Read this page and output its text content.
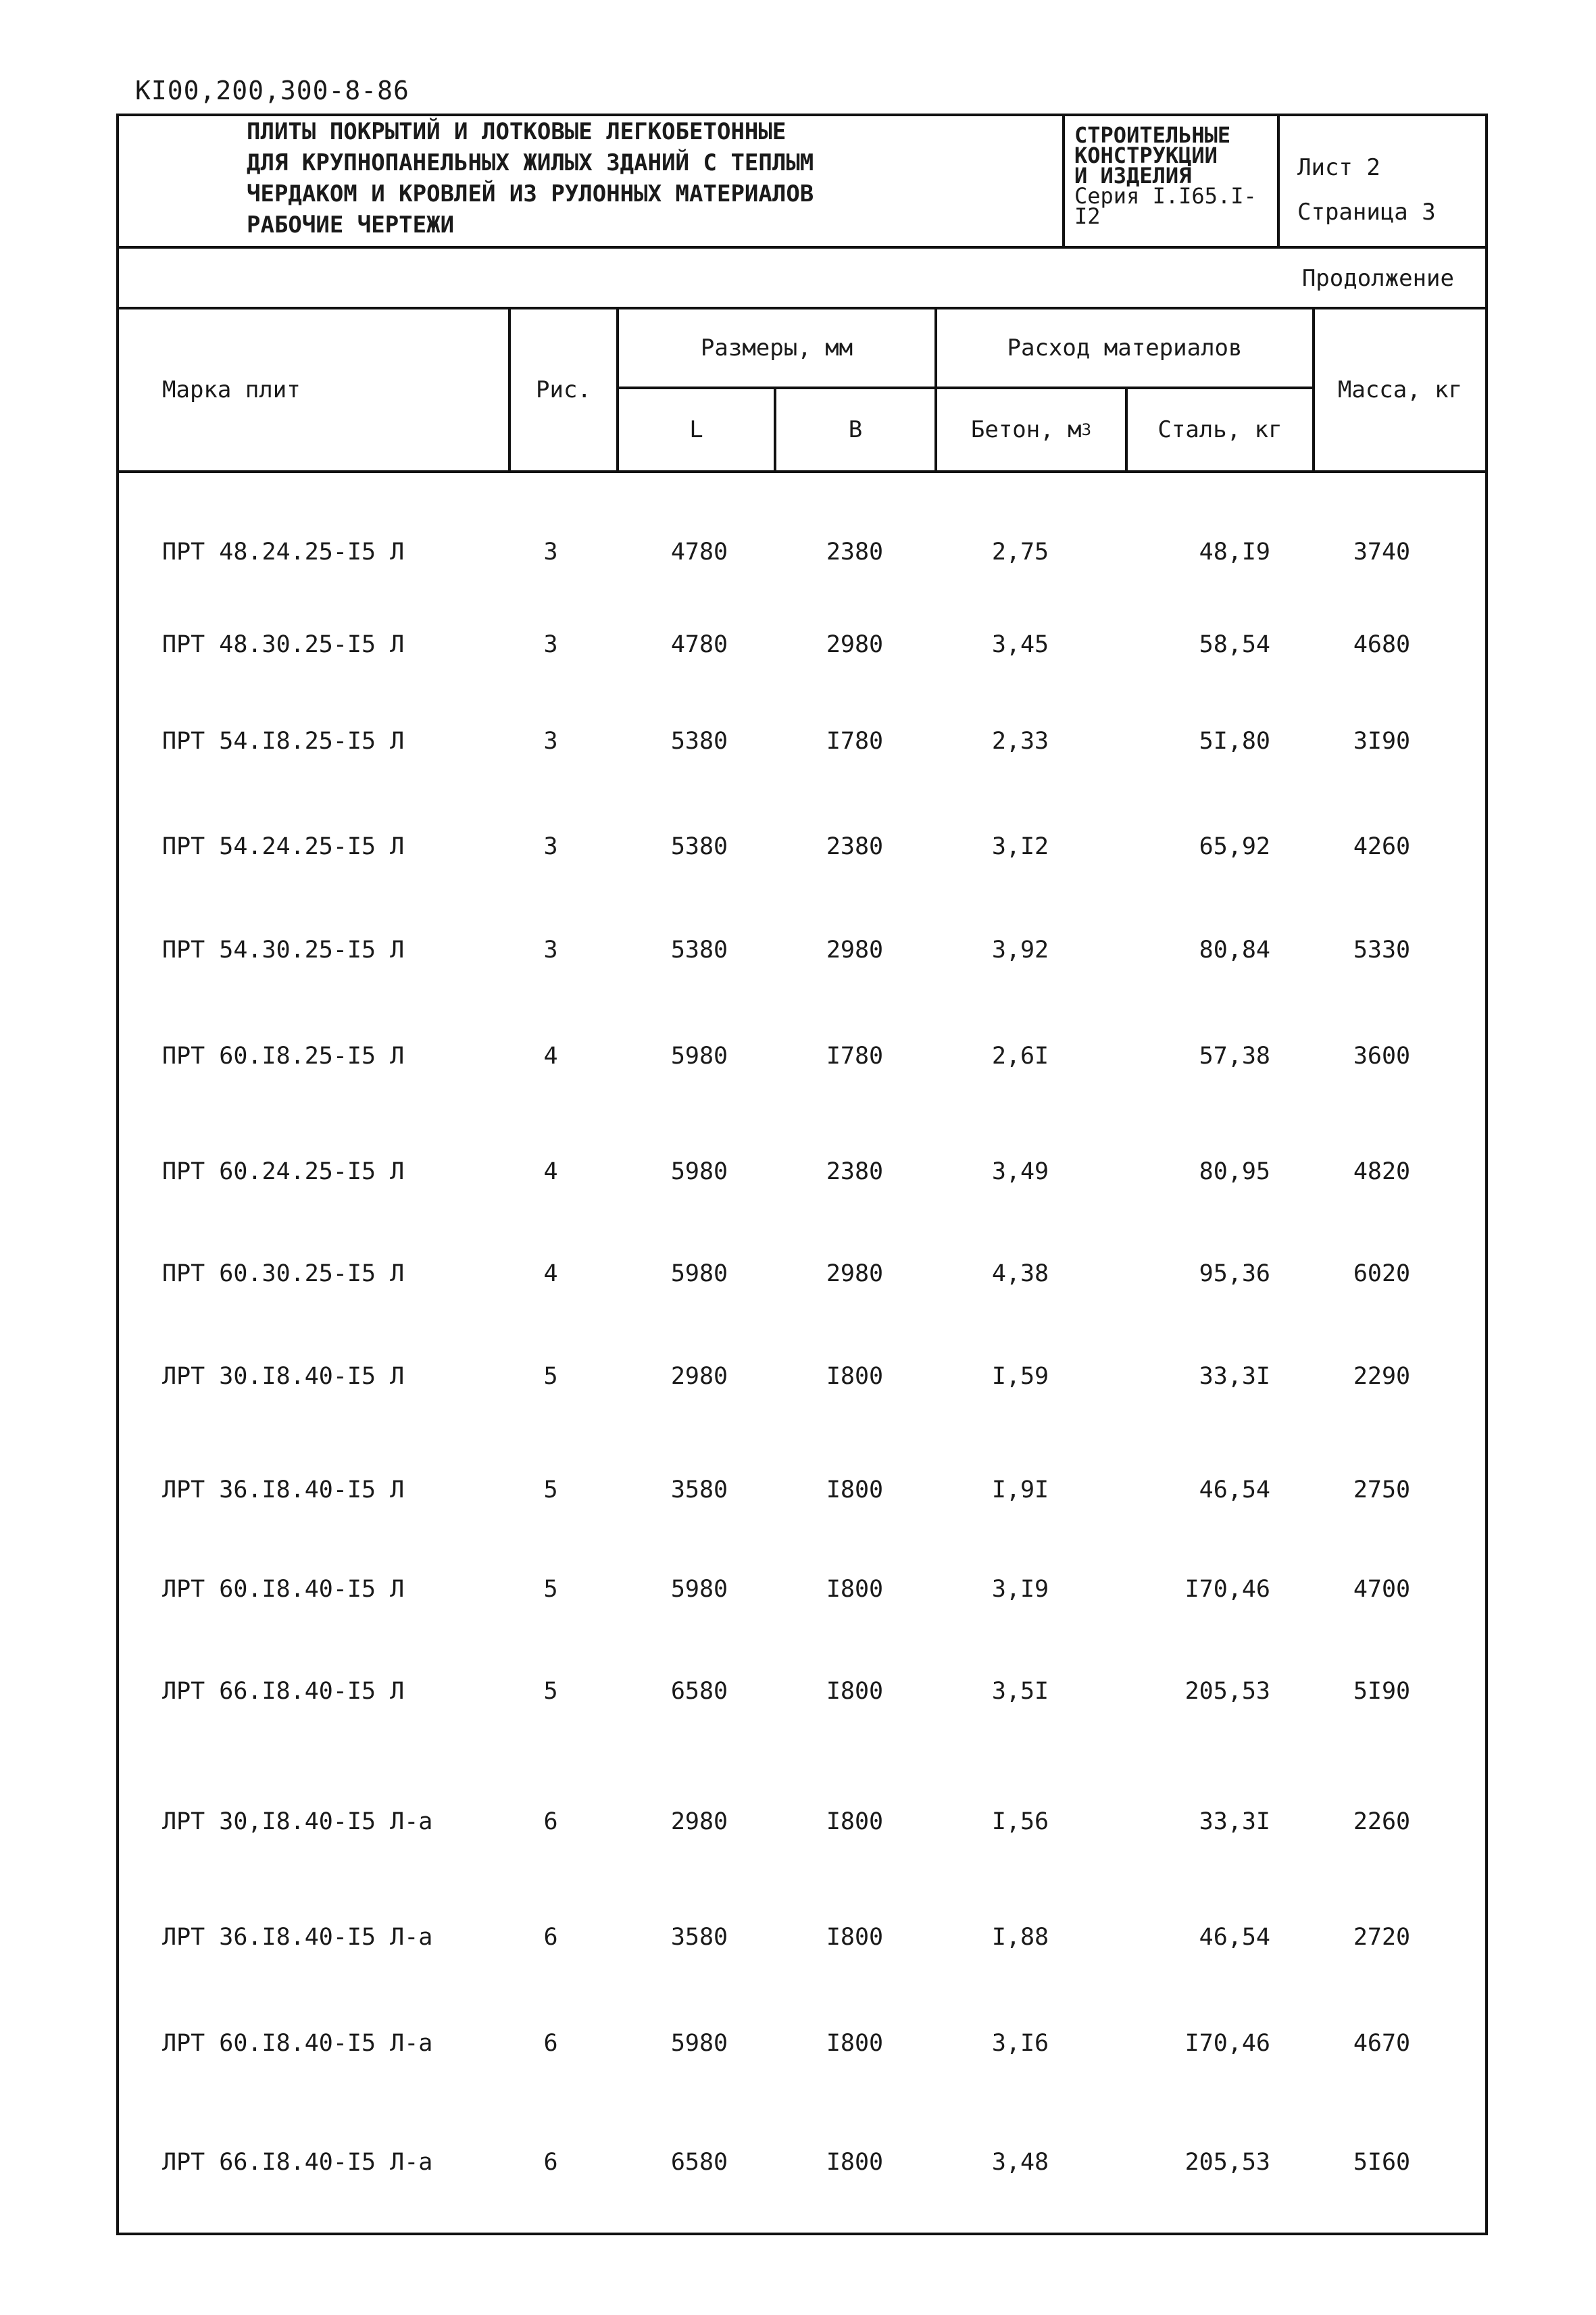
КI00,200,300-8-86
ПЛИТЫ ПОКРЫТИЙ И ЛОТКОВЫЕ ЛЕГКОБЕТОННЫЕ
ДЛЯ КРУПНОПАНЕЛЬНЫХ ЖИЛЫХ ЗДАНИЙ С ТЕПЛЫМ
ЧЕРДАКОМ И КРОВЛЕЙ ИЗ РУЛОННЫХ МАТЕРИАЛОВ
РАБОЧИЕ ЧЕРТЕЖИ
СТРОИТЕЛЬНЫЕ
КОНСТРУКЦИИ
И ИЗДЕЛИЯ
Серия I.I65.I-I2
Лист 2
Страница 3
Продолжение
Марка плит	Рис.
Размеры, мм
L	B
Расход материалов
Бетон, м 3	Сталь, кг
Масса, кг
ПРТ 48.24.25-I5 Л	3	4780	2380	2,75	48,I9	3740
ПРТ 48.30.25-I5 Л	3	4780	2980	3,45	58,54	4680
ПРТ 54.I8.25-I5 Л	3	5380	I780	2,33	5I,80	3I90
ПРТ 54.24.25-I5 Л	3	5380	2380	3,I2	65,92	4260
ПРТ 54.30.25-I5 Л	3	5380	2980	3,92	80,84	5330
ПРТ 60.I8.25-I5 Л	4	5980	I780	2,6I	57,38	3600
ПРТ 60.24.25-I5 Л	4	5980	2380	3,49	80,95	4820
ПРТ 60.30.25-I5 Л	4	5980	2980	4,38	95,36	6020
ЛРТ 30.I8.40-I5 Л	5	2980	I800	I,59	33,3I	2290
ЛРТ 36.I8.40-I5 Л	5	3580	I800	I,9I	46,54	2750
ЛРТ 60.I8.40-I5 Л	5	5980	I800	3,I9	I70,46	4700
ЛРТ 66.I8.40-I5 Л	5	6580	I800	3,5I	205,53	5I90
ЛРТ 30,I8.40-I5 Л-а	6	2980	I800	I,56	33,3I	2260
ЛРТ 36.I8.40-I5 Л-а	6	3580	I800	I,88	46,54	2720
ЛРТ 60.I8.40-I5 Л-а	6	5980	I800	3,I6	I70,46	4670
ЛРТ 66.I8.40-I5 Л-а	6	6580	I800	3,48	205,53	5I60
